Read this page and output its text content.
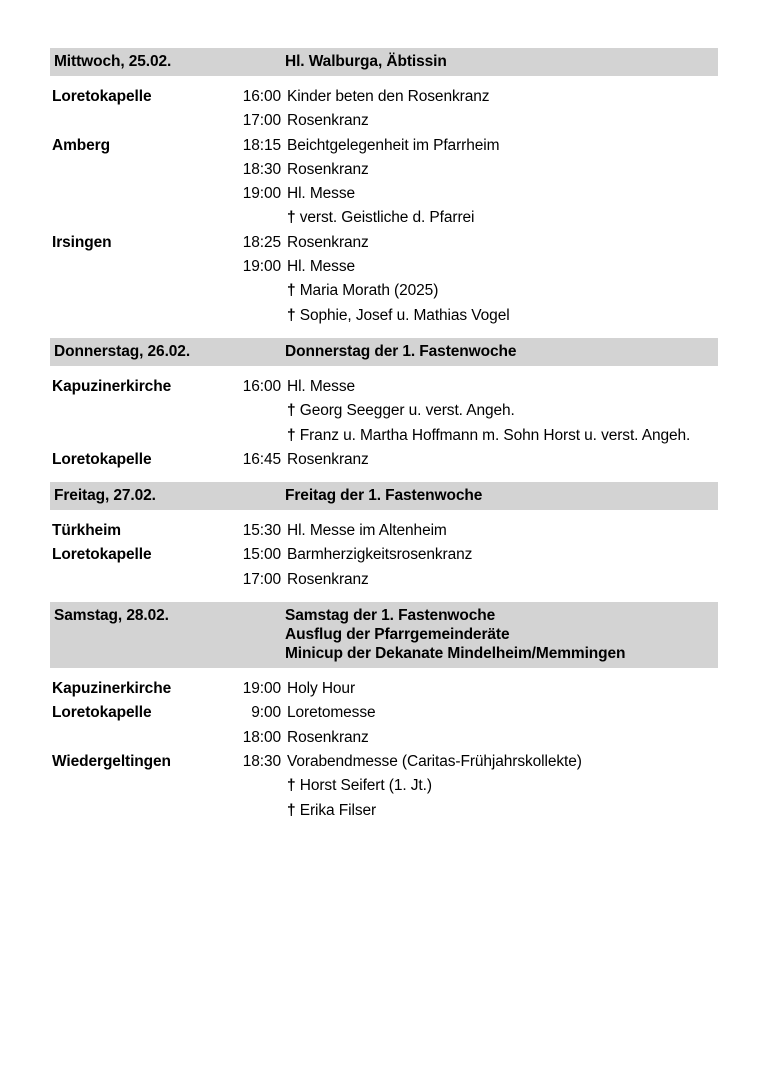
Mittwoch, 25.02.	Hl. Walburga, Äbtissin
Loretokapelle	16:00 Kinder beten den Rosenkranz
17:00 Rosenkranz
Amberg	18:15 Beichtgelegenheit im Pfarrheim
18:30 Rosenkranz
19:00 Hl. Messe
† verst. Geistliche d. Pfarrei
Irsingen	18:25 Rosenkranz
19:00 Hl. Messe
† Maria Morath (2025)
† Sophie, Josef u. Mathias Vogel
Donnerstag, 26.02.	Donnerstag der 1. Fastenwoche
Kapuzinerkirche	16:00 Hl. Messe
† Georg Seegger u. verst. Angeh.
† Franz u. Martha Hoffmann m. Sohn Horst u. verst. Angeh.
Loretokapelle	16:45 Rosenkranz
Freitag, 27.02.	Freitag der 1. Fastenwoche
Türkheim	15:30 Hl. Messe im Altenheim
Loretokapelle	15:00 Barmherzigkeitsrosenkranz
17:00 Rosenkranz
Samstag, 28.02.	Samstag der 1. Fastenwoche
Ausflug der Pfarrgemeinderäte
Minicup der Dekanate Mindelheim/Memmingen
Kapuzinerkirche	19:00 Holy Hour
Loretokapelle	9:00 Loretomesse
18:00 Rosenkranz
Wiedergeltingen	18:30 Vorabendmesse (Caritas-Frühjahrskollekte)
† Horst Seifert (1. Jt.)
† Erika Filser
